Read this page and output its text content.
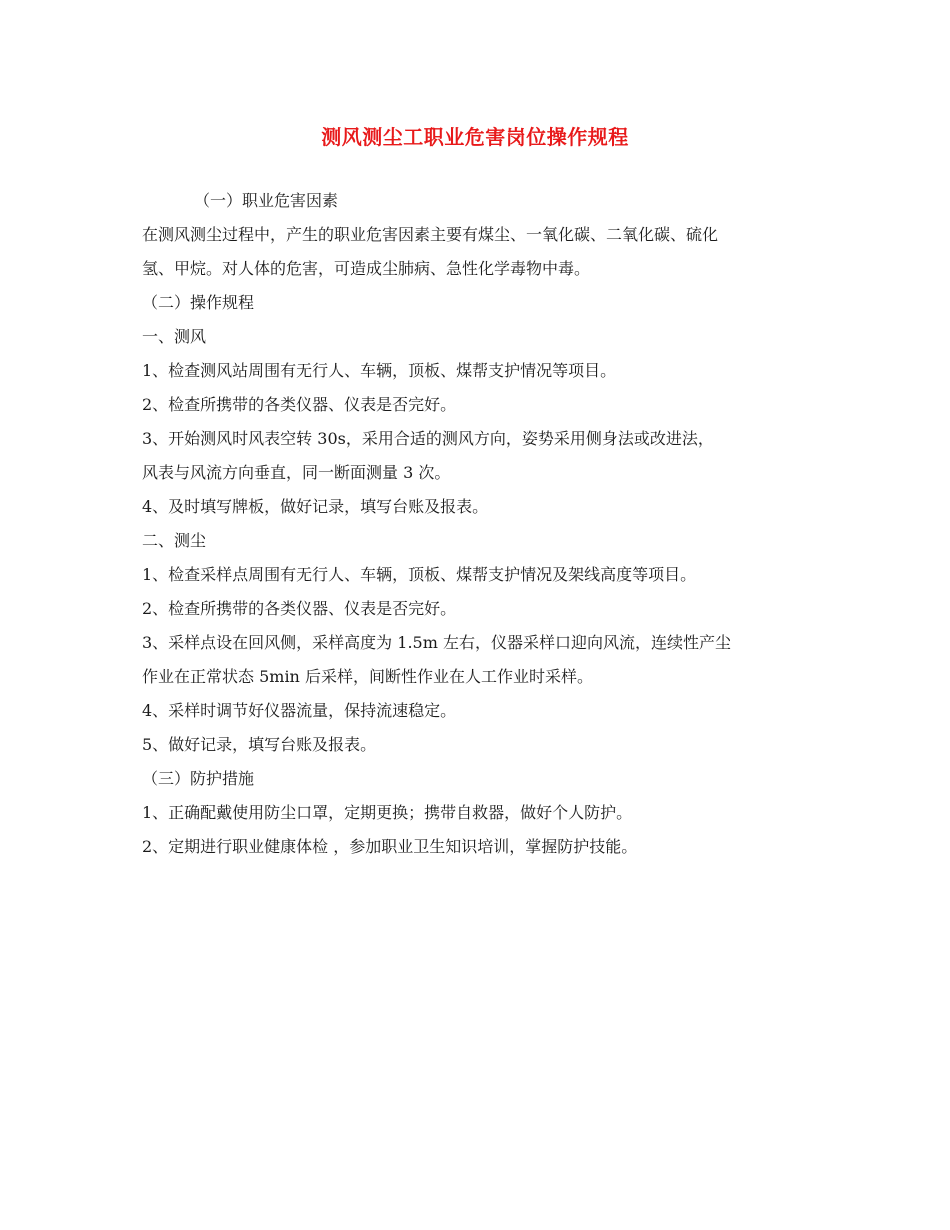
测风测尘工职业危害岗位操作规程

（一）职业危害因素

在测风测尘过程中，产生的职业危害因素主要有煤尘、一氧化碳、二氧化碳、硫化

氢、甲烷。对人体的危害，可造成尘肺病、急性化学毒物中毒。

（二）操作规程

一、测风

1、检查测风站周围有无行人、车辆，顶板、煤帮支护情况等项目。

2、检查所携带的各类仪器、仪表是否完好。

3、开始测风时风表空转 30s，采用合适的测风方向，姿势采用侧身法或改进法，

风表与风流方向垂直，同一断面测量 3 次。

4、及时填写牌板，做好记录，填写台账及报表。

二、测尘

1、检查采样点周围有无行人、车辆，顶板、煤帮支护情况及架线高度等项目。

2、检查所携带的各类仪器、仪表是否完好。

3、采样点设在回风侧，采样高度为 1.5m 左右，仪器采样口迎向风流，连续性产尘

作业在正常状态 5min 后采样，间断性作业在人工作业时采样。

4、采样时调节好仪器流量，保持流速稳定。

5、做好记录，填写台账及报表。

（三）防护措施

1、正确配戴使用防尘口罩，定期更换；携带自救器，做好个人防护。

2、定期进行职业健康体检 ，参加职业卫生知识培训，掌握防护技能。
